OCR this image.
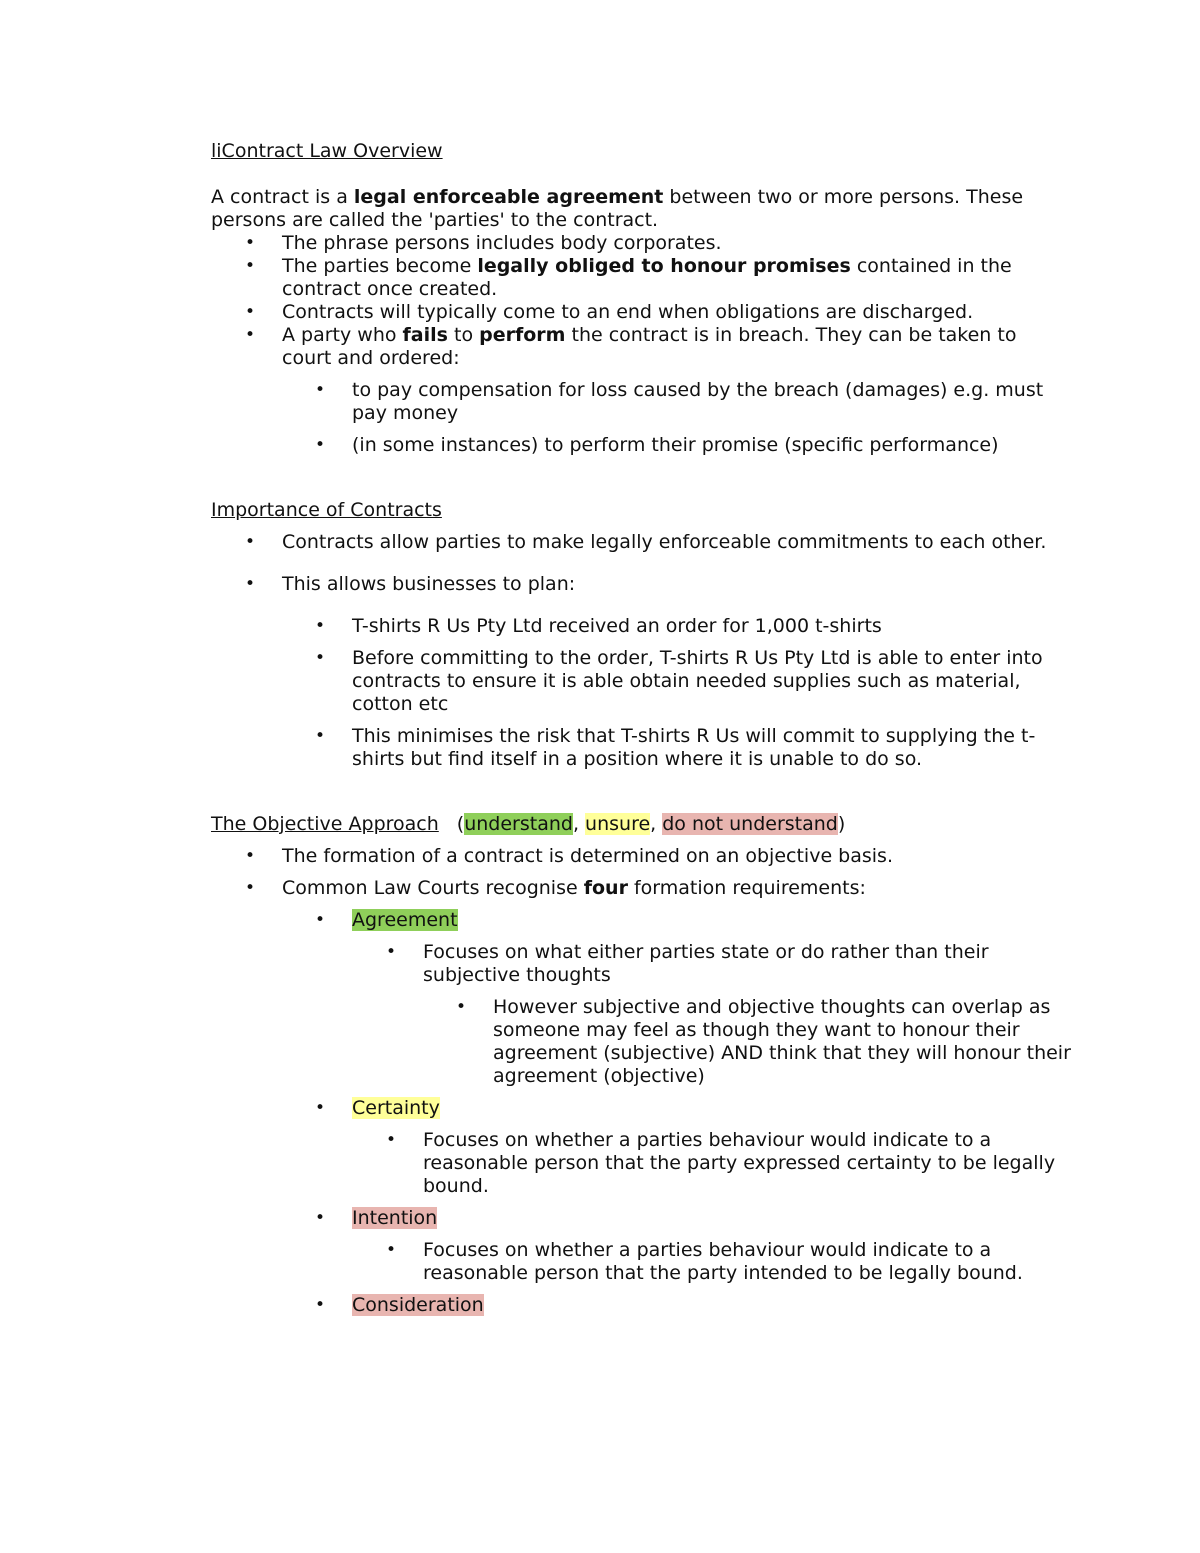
liContract Law Overview

A contract is a legal enforceable agreement between two or more persons. These persons are called the 'parties' to the contract.

• The phrase persons includes body corporates.
• The parties become legally obliged to honour promises contained in the contract once created.
• Contracts will typically come to an end when obligations are discharged.
• A party who fails to perform the contract is in breach. They can be taken to court and ordered:
• to pay compensation for loss caused by the breach (damages) e.g. must pay money
• (in some instances) to perform their promise (specific performance)
Importance of Contracts
• Contracts allow parties to make legally enforceable commitments to each other.
• This allows businesses to plan:
• T-shirts R Us Pty Ltd received an order for 1,000 t-shirts
• Before committing to the order, T-shirts R Us Pty Ltd is able to enter into contracts to ensure it is able obtain needed supplies such as material, cotton etc
• This minimises the risk that T-shirts R Us will commit to supplying the t-shirts but find itself in a position where it is unable to do so.

The Objective Approach (understand, unsure, do not understand)

• The formation of a contract is determined on an objective basis.
• Common Law Courts recognise four formation requirements:
• Agreement
• Focuses on what either parties state or do rather than their subjective thoughts
• However subjective and objective thoughts can overlap as someone may feel as though they want to honour their agreement (subjective) AND think that they will honour their agreement (objective)
• Certainty
• Focuses on whether a parties behaviour would indicate to a reasonable person that the party expressed certainty to be legally bound.
• Intention
• Focuses on whether a parties behaviour would indicate to a reasonable person that the party intended to be legally bound.
• Consideration
